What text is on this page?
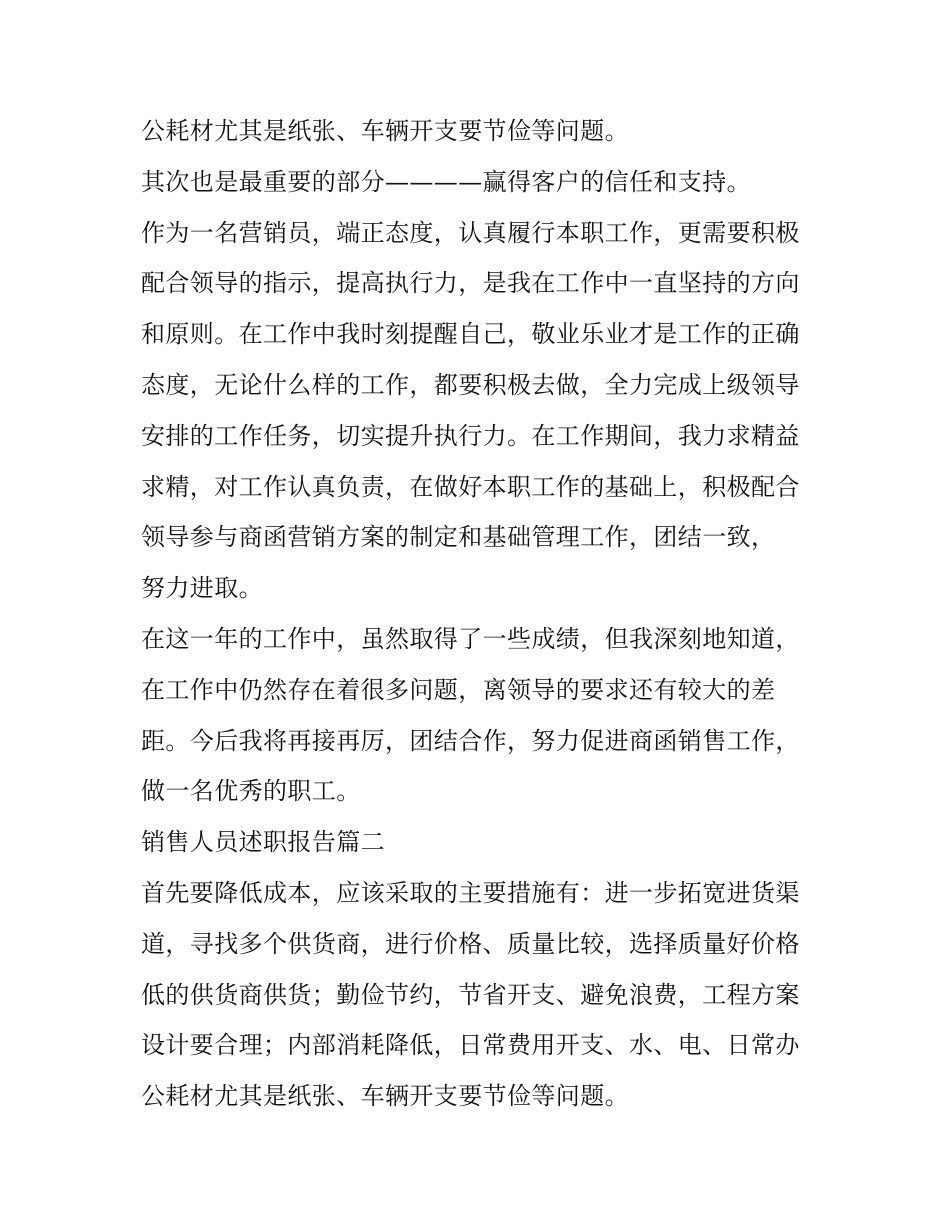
公耗材尤其是纸张、车辆开支要节俭等问题。
其次也是最重要的部分————赢得客户的信任和支持。
作为一名营销员，端正态度，认真履行本职工作，更需要积极
配合领导的指示，提高执行力，是我在工作中一直坚持的方向
和原则。在工作中我时刻提醒自己，敬业乐业才是工作的正确
态度，无论什么样的工作，都要积极去做，全力完成上级领导
安排的工作任务，切实提升执行力。在工作期间，我力求精益
求精，对工作认真负责，在做好本职工作的基础上，积极配合
领导参与商函营销方案的制定和基础管理工作，团结一致，
努力进取。
在这一年的工作中，虽然取得了一些成绩，但我深刻地知道，
在工作中仍然存在着很多问题，离领导的要求还有较大的差
距。今后我将再接再厉，团结合作，努力促进商函销售工作，
做一名优秀的职工。
销售人员述职报告篇二
首先要降低成本，应该采取的主要措施有：进一步拓宽进货渠
道，寻找多个供货商，进行价格、质量比较，选择质量好价格
低的供货商供货；勤俭节约，节省开支、避免浪费，工程方案
设计要合理；内部消耗降低，日常费用开支、水、电、日常办
公耗材尤其是纸张、车辆开支要节俭等问题。
